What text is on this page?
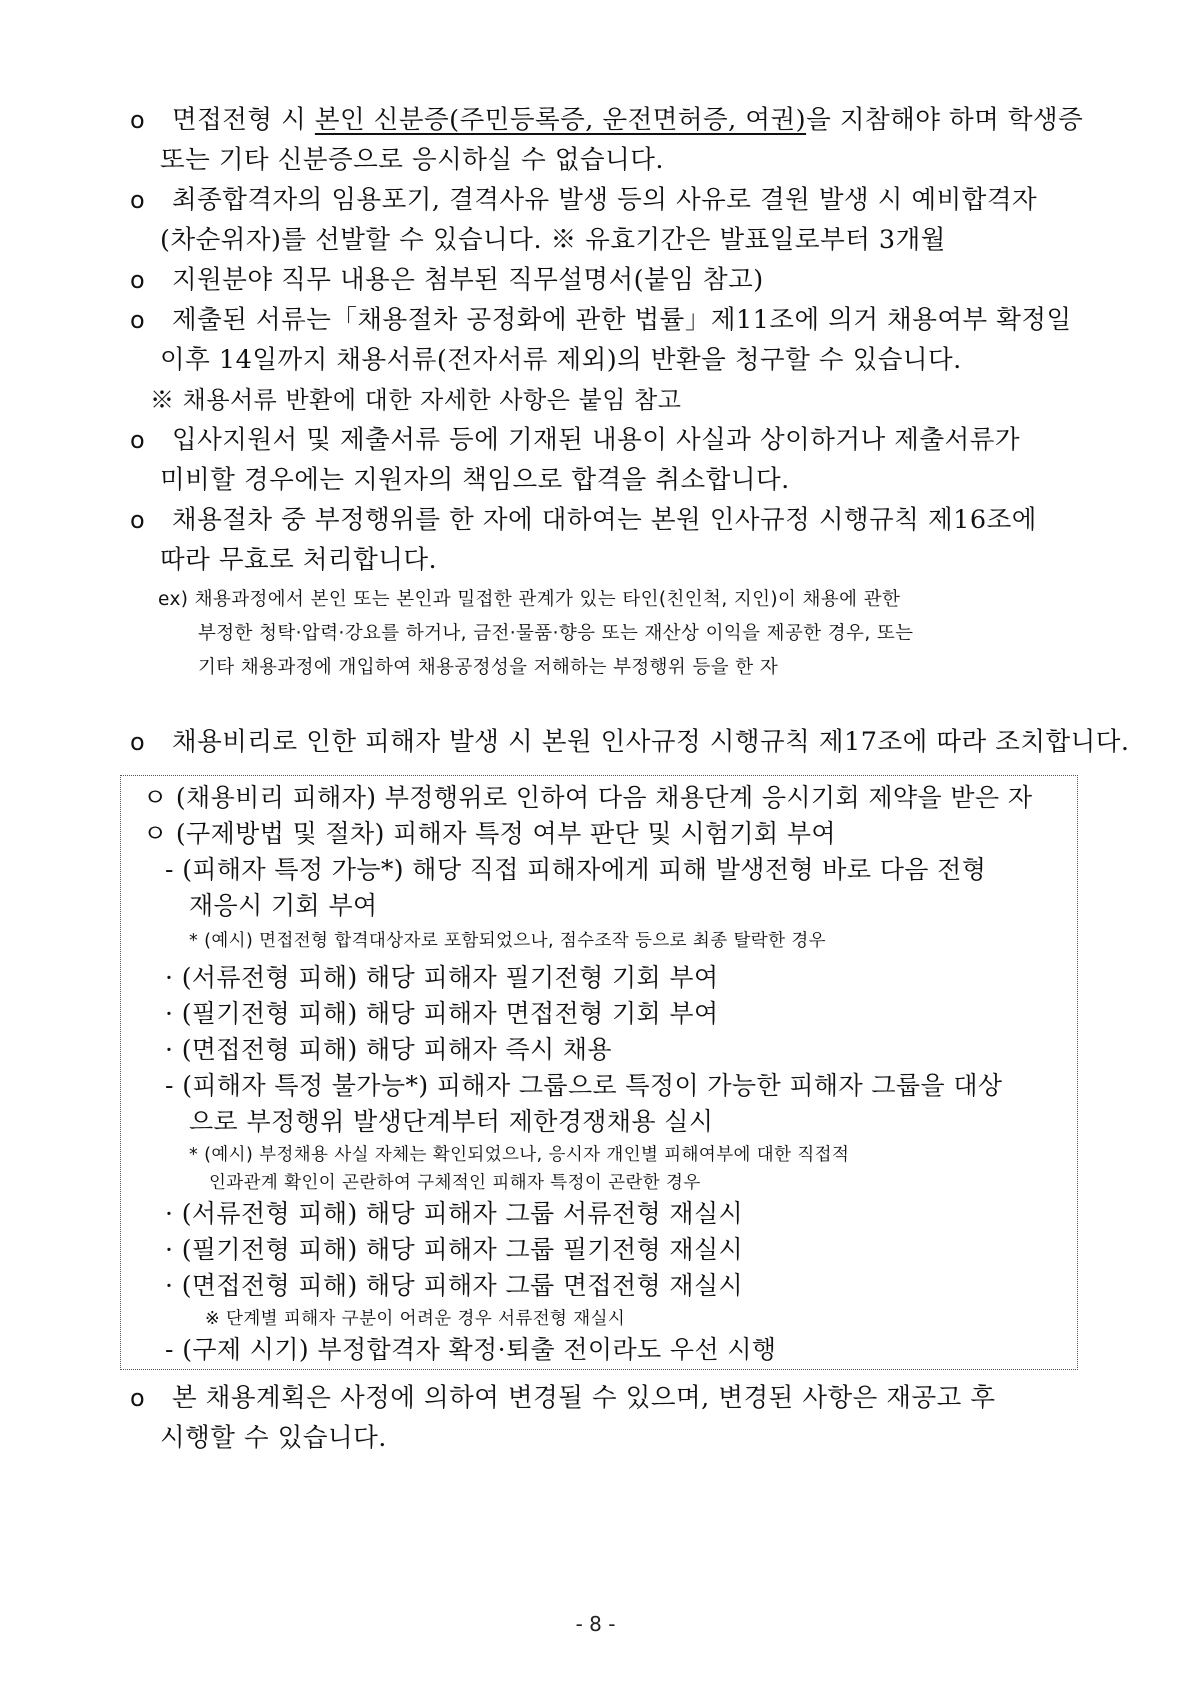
o	면접전형 시 본인 신분증(주민등록증, 운전면허증, 여권)을 지참해야 하며 학생증
또는 기타 신분증으로 응시하실 수 없습니다.
o	최종합격자의 임용포기, 결격사유 발생 등의 사유로 결원 발생 시 예비합격자
(차순위자)를 선발할 수 있습니다. ※ 유효기간은 발표일로부터 3개월
o	지원분야 직무 내용은 첨부된 직무설명서(붙임 참고)
o	제출된 서류는「채용절차 공정화에 관한 법률」제11조에 의거 채용여부 확정일
이후 14일까지 채용서류(전자서류 제외)의 반환을 청구할 수 있습니다.
※ 채용서류 반환에 대한 자세한 사항은 붙임 참고
o	입사지원서 및 제출서류 등에 기재된 내용이 사실과 상이하거나 제출서류가
미비할 경우에는 지원자의 책임으로 합격을 취소합니다.
o	채용절차 중 부정행위를 한 자에 대하여는 본원 인사규정 시행규칙 제16조에
따라 무효로 처리합니다.
ex) 채용과정에서 본인 또는 본인과 밀접한 관계가 있는 타인(친인척, 지인)이 채용에 관한
부정한 청탁·압력·강요를 하거나, 금전·물품·향응 또는 재산상 이익을 제공한 경우, 또는
기타 채용과정에 개입하여 채용공정성을 저해하는 부정행위 등을 한 자
o	채용비리로 인한 피해자 발생 시 본원 인사규정 시행규칙 제17조에 따라 조치합니다.
ㅇ (채용비리 피해자) 부정행위로 인하여 다음 채용단계 응시기회 제약을 받은 자
ㅇ (구제방법 및 절차) 피해자 특정 여부 판단 및 시험기회 부여
- (피해자 특정 가능*) 해당 직접 피해자에게 피해 발생전형 바로 다음 전형
재응시 기회 부여
* (예시) 면접전형 합격대상자로 포함되었으나, 점수조작 등으로 최종 탈락한 경우
· (서류전형 피해) 해당 피해자 필기전형 기회 부여
· (필기전형 피해) 해당 피해자 면접전형 기회 부여
· (면접전형 피해) 해당 피해자 즉시 채용
- (피해자 특정 불가능*) 피해자 그룹으로 특정이 가능한 피해자 그룹을 대상
으로 부정행위 발생단계부터 제한경쟁채용 실시
* (예시) 부정채용 사실 자체는 확인되었으나, 응시자 개인별 피해여부에 대한 직접적
인과관계 확인이 곤란하여 구체적인 피해자 특정이 곤란한 경우
· (서류전형 피해) 해당 피해자 그룹 서류전형 재실시
· (필기전형 피해) 해당 피해자 그룹 필기전형 재실시
· (면접전형 피해) 해당 피해자 그룹 면접전형 재실시
※ 단계별 피해자 구분이 어려운 경우 서류전형 재실시
- (구제 시기) 부정합격자 확정·퇴출 전이라도 우선 시행
o	본 채용계획은 사정에 의하여 변경될 수 있으며, 변경된 사항은 재공고 후
시행할 수 있습니다.
- 8 -
